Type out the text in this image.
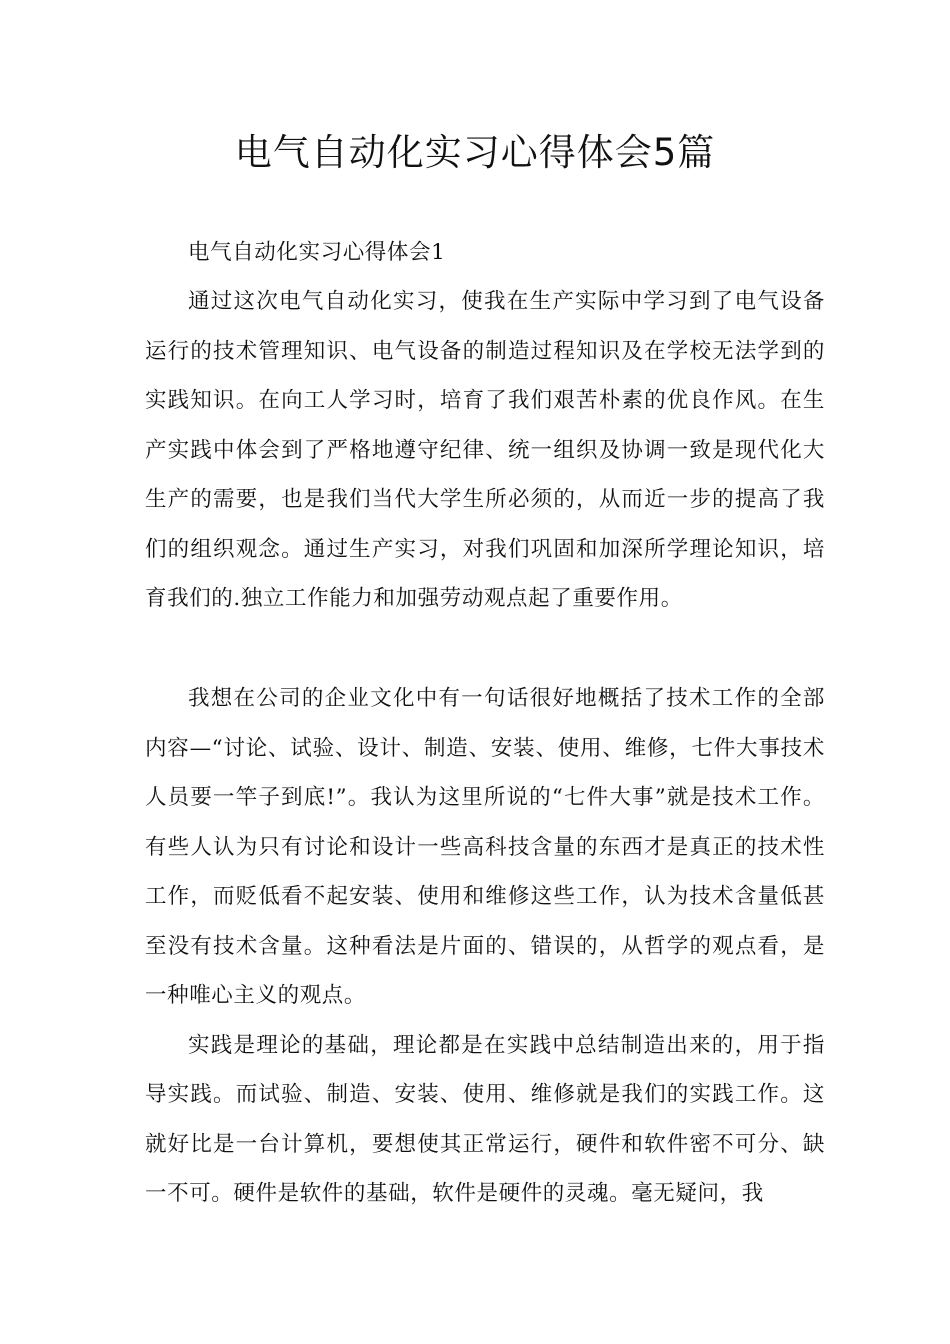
电气自动化实习心得体会5篇

电气自动化实习心得体会1

通过这次电气自动化实习，使我在生产实际中学习到了电气设备运行的技术管理知识、电气设备的制造过程知识及在学校无法学到的实践知识。在向工人学习时，培育了我们艰苦朴素的优良作风。在生产实践中体会到了严格地遵守纪律、统一组织及协调一致是现代化大生产的需要，也是我们当代大学生所必须的，从而近一步的提高了我们的组织观念。通过生产实习，对我们巩固和加深所学理论知识，培育我们的.独立工作能力和加强劳动观点起了重要作用。

我想在公司的企业文化中有一句话很好地概括了技术工作的全部内容—“讨论、试验、设计、制造、安装、使用、维修，七件大事技术人员要一竿子到底!”。我认为这里所说的“七件大事”就是技术工作。有些人认为只有讨论和设计一些高科技含量的东西才是真正的技术性工作，而贬低看不起安装、使用和维修这些工作，认为技术含量低甚至没有技术含量。这种看法是片面的、错误的，从哲学的观点看，是一种唯心主义的观点。

实践是理论的基础，理论都是在实践中总结制造出来的，用于指导实践。而试验、制造、安装、使用、维修就是我们的实践工作。这就好比是一台计算机，要想使其正常运行，硬件和软件密不可分、缺一不可。硬件是软件的基础，软件是硬件的灵魂。毫无疑问，我
